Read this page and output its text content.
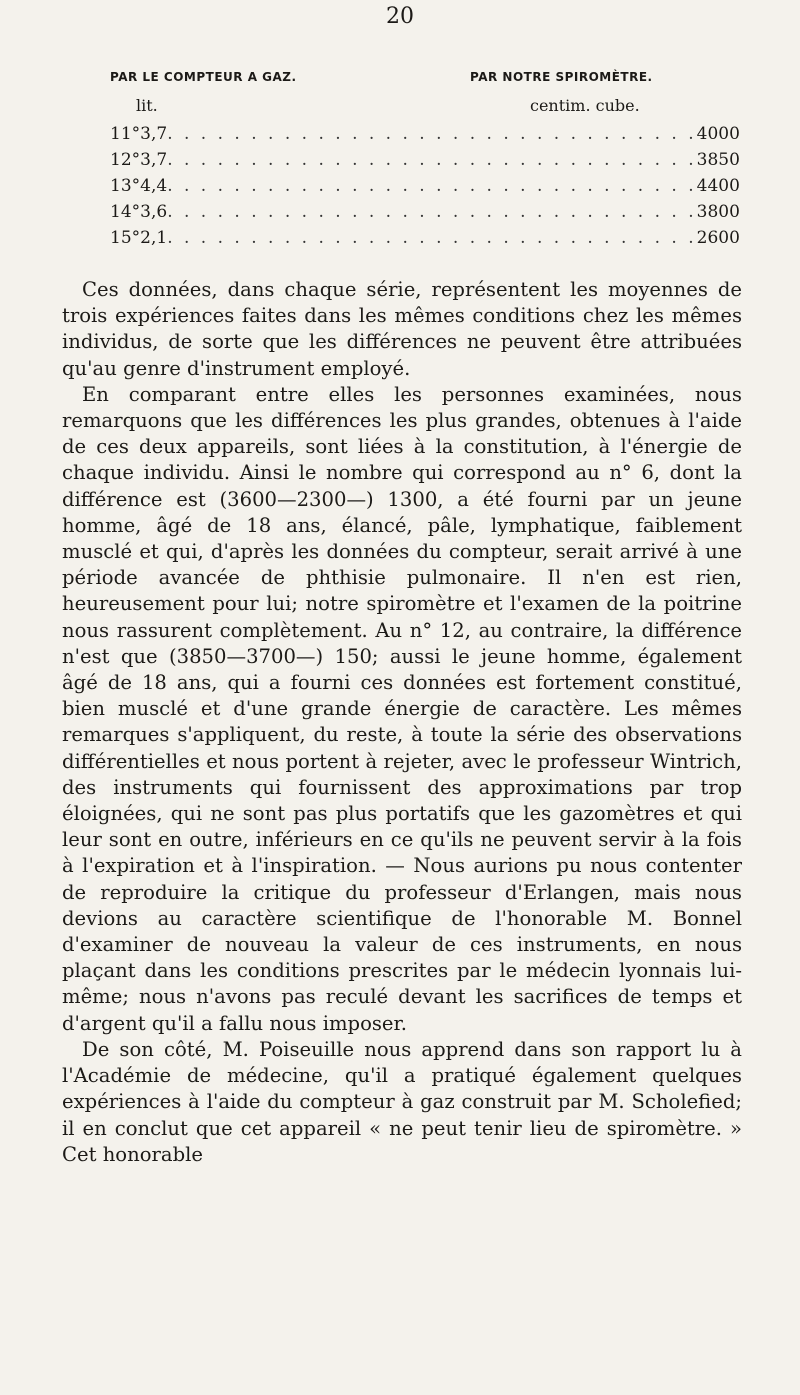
20
PAR LE COMPTEUR A GAZ.	PAR NOTRE SPIROMÈTRE.
lit.	centim. cube.
11°	3,7	. . . . . . . . . . . . . . . . . . . . . . . . . . . . . . . .	4000
12°	3,7	. . . . . . . . . . . . . . . . . . . . . . . . . . . . . . . .	3850
13°	4,4	. . . . . . . . . . . . . . . . . . . . . . . . . . . . . . . .	4400
14°	3,6	. . . . . . . . . . . . . . . . . . . . . . . . . . . . . . . .	3800
15°	2,1	. . . . . . . . . . . . . . . . . . . . . . . . . . . . . . . .	2600

Ces données, dans chaque série, représentent les moyennes de trois expériences faites dans les mêmes conditions chez les mêmes individus, de sorte que les différences ne peuvent être attribuées qu'au genre d'instrument employé.

En comparant entre elles les personnes examinées, nous remarquons que les différences les plus grandes, obtenues à l'aide de ces deux appareils, sont liées à la constitution, à l'énergie de chaque individu. Ainsi le nombre qui correspond au n° 6, dont la différence est (3600—2300—) 1300, a été fourni par un jeune homme, âgé de 18 ans, élancé, pâle, lymphatique, faiblement musclé et qui, d'après les données du compteur, serait arrivé à une période avancée de phthisie pulmonaire. Il n'en est rien, heureusement pour lui; notre spiromètre et l'examen de la poitrine nous rassurent complètement. Au n° 12, au contraire, la différence n'est que (3850—3700—) 150; aussi le jeune homme, également âgé de 18 ans, qui a fourni ces données est fortement constitué, bien musclé et d'une grande énergie de caractère. Les mêmes remarques s'appliquent, du reste, à toute la série des observations différentielles et nous portent à rejeter, avec le professeur Wintrich, des instruments qui fournissent des approximations par trop éloignées, qui ne sont pas plus portatifs que les gazomètres et qui leur sont en outre, inférieurs en ce qu'ils ne peuvent servir à la fois à l'expiration et à l'inspiration. — Nous aurions pu nous contenter de reproduire la critique du professeur d'Erlangen, mais nous devions au caractère scientifique de l'honorable M. Bonnel d'examiner de nouveau la valeur de ces instruments, en nous plaçant dans les conditions prescrites par le médecin lyonnais lui-même; nous n'avons pas reculé devant les sacrifices de temps et d'argent qu'il a fallu nous imposer.

De son côté, M. Poiseuille nous apprend dans son rapport lu à l'Académie de médecine, qu'il a pratiqué également quelques expériences à l'aide du compteur à gaz construit par M. Scholefied; il en conclut que cet appareil « ne peut tenir lieu de spiromètre. » Cet honorable
